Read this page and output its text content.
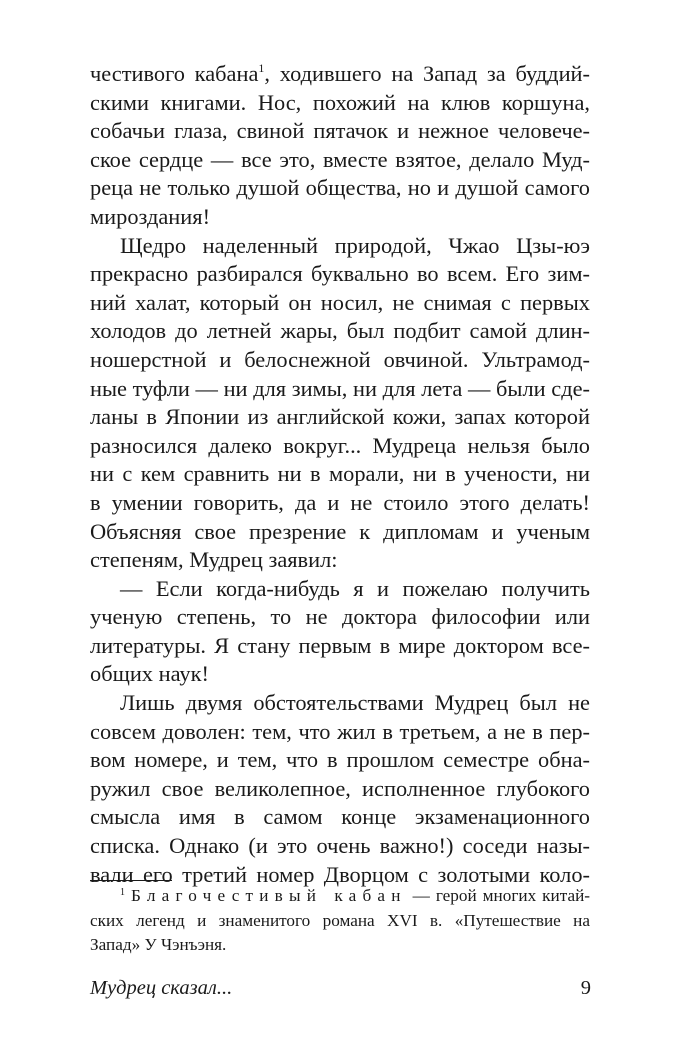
честивого кабана$^1$, ходившего на Запад за буддий-
скими книгами. Нос, похожий на клюв коршуна,
собачьи глаза, свиной пятачок и нежное человече-
ское сердце — все это, вместе взятое, делало Муд-
реца не только душой общества, но и душой самого
мироздания!
Щедро наделенный природой, Чжао Цзы-юэ
прекрасно разбирался буквально во всем. Его зим-
ний халат, который он носил, не снимая с первых
холодов до летней жары, был подбит самой длин-
ношерстной и белоснежной овчиной. Ультрамод-
ные туфли — ни для зимы, ни для лета — были сде-
ланы в Японии из английской кожи, запах которой
разносился далеко вокруг... Мудреца нельзя было
ни с кем сравнить ни в морали, ни в учености, ни
в умении говорить, да и не стоило этого делать!
Объясняя свое презрение к дипломам и ученым
степеням, Мудрец заявил:
— Если когда-нибудь я и пожелаю получить
ученую степень, то не доктора философии или
литературы. Я стану первым в мире доктором все-
общих наук!
Лишь двумя обстоятельствами Мудрец был не
совсем доволен: тем, что жил в третьем, а не в пер-
вом номере, и тем, что в прошлом семестре обна-
ружил свое великолепное, исполненное глубокого
смысла имя в самом конце экзаменационного
списка. Однако (и это очень важно!) соседи назы-
вали его третий номер Дворцом с золотыми коло-
$^1$ Благочестивый кабан — герой многих китай-
ских легенд и знаменитого романа XVI в. «Путешествие на
Запад» У Чэнъэня.
Мудрец сказал...	9
